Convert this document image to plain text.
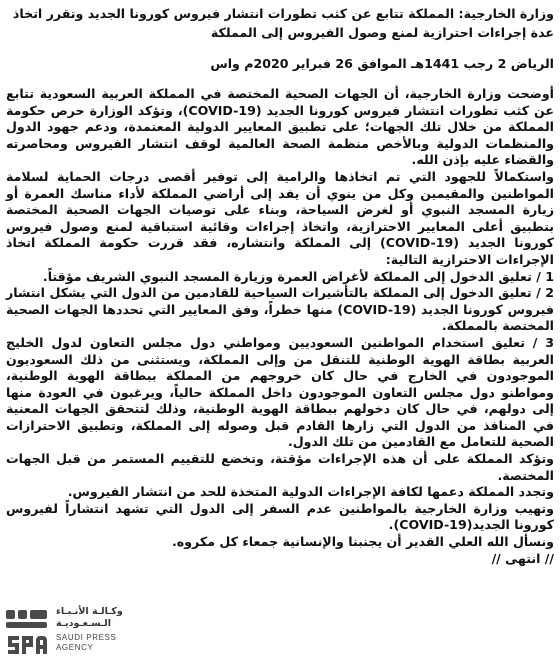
وزارة الخارجية: المملكة تتابع عن كثب تطورات انتشار فيروس كورونا الجديد وتقرر اتخاذ عدة إجراءات احترازية لمنع وصول الفيروس إلى المملكة

الرياض 2 رجب 1441هـ الموافق 26 فبراير 2020م واس

أوضحت وزارة الخارجية، أن الجهات الصحية المختصة في المملكة العربية السعودية تتابع عن كثب تطورات انتشار فيروس كورونا الجديد (COVID-19)، وتؤكد الوزارة حرص حكومة المملكة من خلال تلك الجهات؛ على تطبيق المعايير الدولية المعتمدة، ودعم جهود الدول والمنظمات الدولية وبالأخص منظمة الصحة العالمية لوقف انتشار الفيروس ومحاصرته والقضاء عليه بإذن الله.

واستكمالاً للجهود التي تم اتخاذها والرامية إلى توفير أقصى درجات الحماية لسلامة المواطنين والمقيمين وكل من ينوي أن يفد إلى أراضي المملكة لأداء مناسك العمرة أو زيارة المسجد النبوي أو لغرض السياحة، وبناء على توصيات الجهات الصحية المختصة بتطبيق أعلى المعايير الاحترازية، واتخاذ إجراءات وقائية استباقية لمنع وصول فيروس كورونا الجديد (COVID-19) إلى المملكة وانتشاره، فقد قررت حكومة المملكة اتخاذ الإجراءات الاحترازية التالية:

1 / تعليق الدخول إلى المملكة لأغراض العمرة وزيارة المسجد النبوي الشريف مؤقتاً.

2 / تعليق الدخول إلى المملكة بالتأشيرات السياحية للقادمين من الدول التي يشكل انتشار فيروس كورونا الجديد (COVID-19) منها خطراً، وفق المعايير التي تحددها الجهات الصحية المختصة بالمملكة.

3 / تعليق استخدام المواطنين السعوديين ومواطني دول مجلس التعاون لدول الخليج العربية بطاقة الهوية الوطنية للتنقل من وإلى المملكة، ويستثنى من ذلك السعوديون الموجودون في الخارج في حال كان خروجهم من المملكة ببطاقة الهوية الوطنية، ومواطنو دول مجلس التعاون الموجودون داخل المملكة حالياً، ويرغبون في العودة منها إلى دولهم، في حال كان دخولهم ببطاقة الهوية الوطنية، وذلك لتتحقق الجهات المعنية في المنافذ من الدول التي زارها القادم قبل وصوله إلى المملكة، وتطبيق الاحترازات الصحية للتعامل مع القادمين من تلك الدول.

وتؤكد المملكة على أن هذه الإجراءات مؤقتة، وتخضع للتقييم المستمر من قبل الجهات المختصة.

وتجدد المملكة دعمها لكافة الإجراءات الدولية المتخذة للحد من انتشار الفيروس.

وتهيب وزارة الخارجية بالمواطنين عدم السفر إلى الدول التي تشهد انتشاراً لفيروس كورونا الجديد(COVID-19).

ونسأل الله العلي القدير أن يجنبنا والإنسانية جمعاء كل مكروه.

// انتهى //

وكـالـة الأنـبـاء
الـسـعـوديـة
SAUDI PRESS
AGENCY
